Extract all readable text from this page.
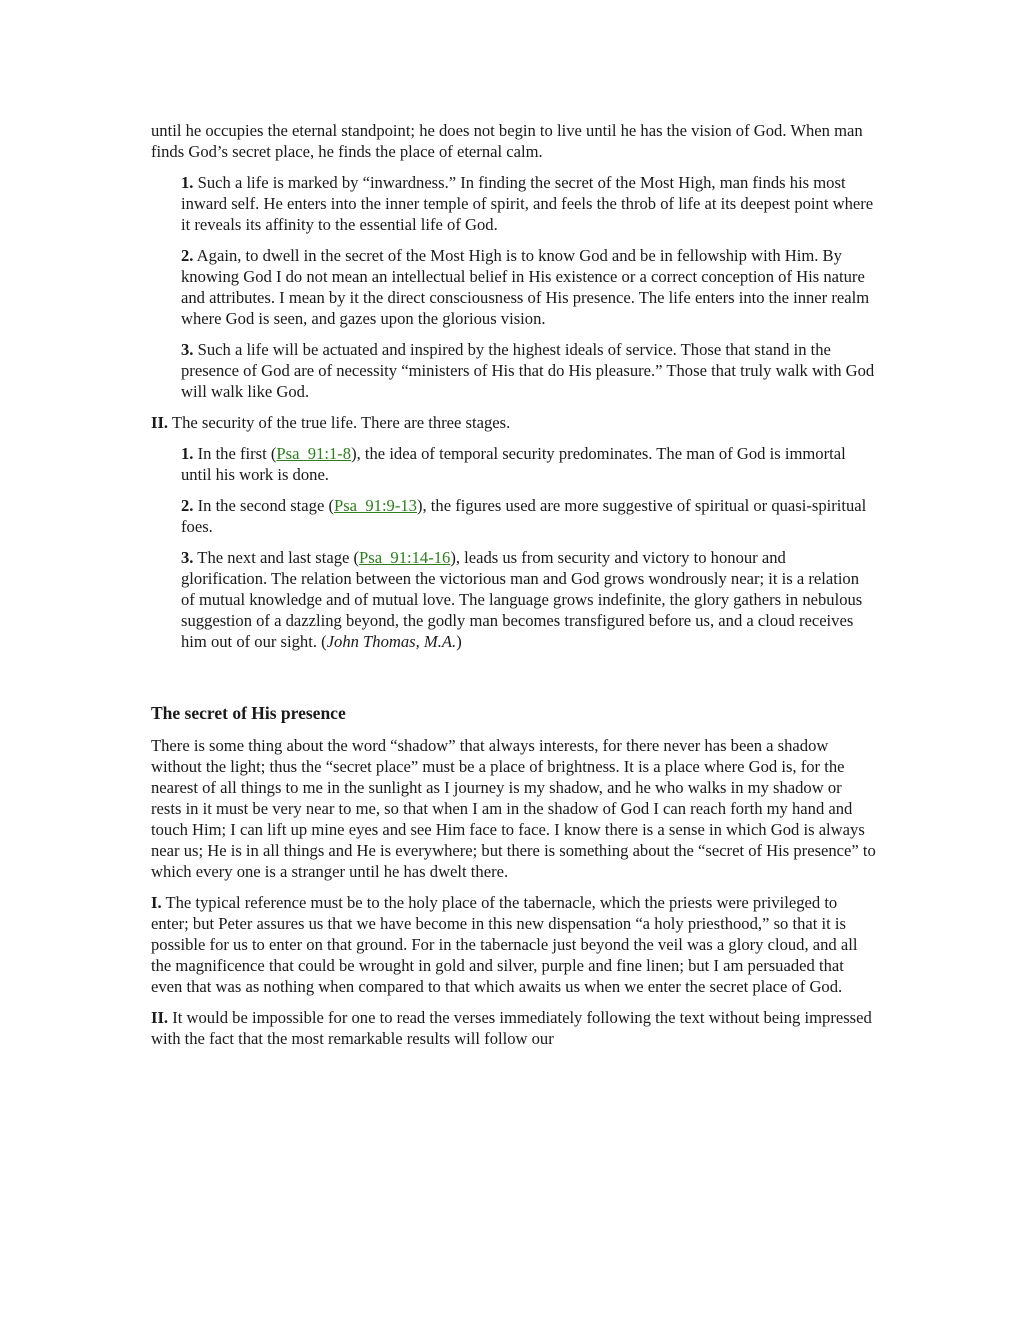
until he occupies the eternal standpoint; he does not begin to live until he has the vision of God. When man finds God’s secret place, he finds the place of eternal calm.

1. Such a life is marked by “inwardness.” In finding the secret of the Most High, man finds his most inward self. He enters into the inner temple of spirit, and feels the throb of life at its deepest point where it reveals its affinity to the essential life of God.

2. Again, to dwell in the secret of the Most High is to know God and be in fellowship with Him. By knowing God I do not mean an intellectual belief in His existence or a correct conception of His nature and attributes. I mean by it the direct consciousness of His presence. The life enters into the inner realm where God is seen, and gazes upon the glorious vision.

3. Such a life will be actuated and inspired by the highest ideals of service. Those that stand in the presence of God are of necessity “ministers of His that do His pleasure.” Those that truly walk with God will walk like God.

II. The security of the true life. There are three stages.

1. In the first (Psa_91:1-8), the idea of temporal security predominates. The man of God is immortal until his work is done.

2. In the second stage (Psa_91:9-13), the figures used are more suggestive of spiritual or quasi-spiritual foes.

3. The next and last stage (Psa_91:14-16), leads us from security and victory to honour and glorification. The relation between the victorious man and God grows wondrously near; it is a relation of mutual knowledge and of mutual love. The language grows indefinite, the glory gathers in nebulous suggestion of a dazzling beyond, the godly man becomes transfigured before us, and a cloud receives him out of our sight. (John Thomas, M.A.)

The secret of His presence

There is some thing about the word “shadow” that always interests, for there never has been a shadow without the light; thus the “secret place” must be a place of brightness. It is a place where God is, for the nearest of all things to me in the sunlight as I journey is my shadow, and he who walks in my shadow or rests in it must be very near to me, so that when I am in the shadow of God I can reach forth my hand and touch Him; I can lift up mine eyes and see Him face to face. I know there is a sense in which God is always near us; He is in all things and He is everywhere; but there is something about the “secret of His presence” to which every one is a stranger until he has dwelt there.

I. The typical reference must be to the holy place of the tabernacle, which the priests were privileged to enter; but Peter assures us that we have become in this new dispensation “a holy priesthood,” so that it is possible for us to enter on that ground. For in the tabernacle just beyond the veil was a glory cloud, and all the magnificence that could be wrought in gold and silver, purple and fine linen; but I am persuaded that even that was as nothing when compared to that which awaits us when we enter the secret place of God.

II. It would be impossible for one to read the verses immediately following the text without being impressed with the fact that the most remarkable results will follow our
